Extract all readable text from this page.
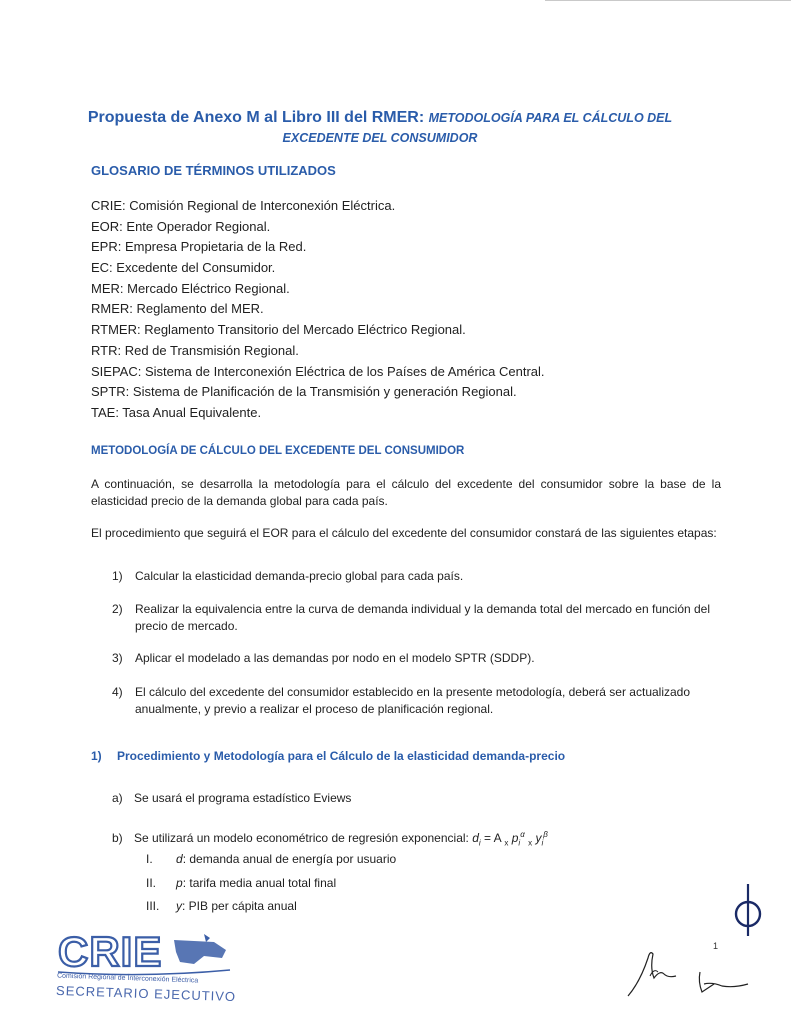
Propuesta de Anexo M al Libro III del RMER: METODOLOGÍA PARA EL CÁLCULO DEL
EXCEDENTE DEL CONSUMIDOR
GLOSARIO DE TÉRMINOS UTILIZADOS
CRIE: Comisión Regional de Interconexión Eléctrica.
EOR: Ente Operador Regional.
EPR: Empresa Propietaria de la Red.
EC: Excedente del Consumidor.
MER: Mercado Eléctrico Regional.
RMER: Reglamento del MER.
RTMER: Reglamento Transitorio del Mercado Eléctrico Regional.
RTR: Red de Transmisión Regional.
SIEPAC: Sistema de Interconexión Eléctrica de los Países de América Central.
SPTR: Sistema de Planificación de la Transmisión y generación Regional.
TAE: Tasa Anual Equivalente.
METODOLOGÍA DE CÁLCULO DEL EXCEDENTE DEL CONSUMIDOR

A continuación, se desarrolla la metodología para el cálculo del excedente del consumidor sobre la base de la elasticidad precio de la demanda global para cada país.

El procedimiento que seguirá el EOR para el cálculo del excedente del consumidor constará de las siguientes etapas:

1) Calcular la elasticidad demanda-precio global para cada país.
2) Realizar la equivalencia entre la curva de demanda individual y la demanda total del mercado en función del precio de mercado.
3) Aplicar el modelado a las demandas por nodo en el modelo SPTR (SDDP).
4) El cálculo del excedente del consumidor establecido en la presente metodología, deberá ser actualizado anualmente, y previo a realizar el proceso de planificación regional.
1) Procedimiento y Metodología para el Cálculo de la elasticidad demanda-precio
a) Se usará el programa estadístico Eviews
b) Se utilizará un modelo econométrico de regresión exponencial: $d_i = A$ $_x$ $p_i^\alpha$ $_x$ $y_i^\beta$
I. d: demanda anual de energía por usuario
II. p: tarifa media anual total final
III. y: PIB per cápita anual
CRIE
Comisión Regional de Interconexión Eléctrica
SECRETARIO EJECUTIVO
1
